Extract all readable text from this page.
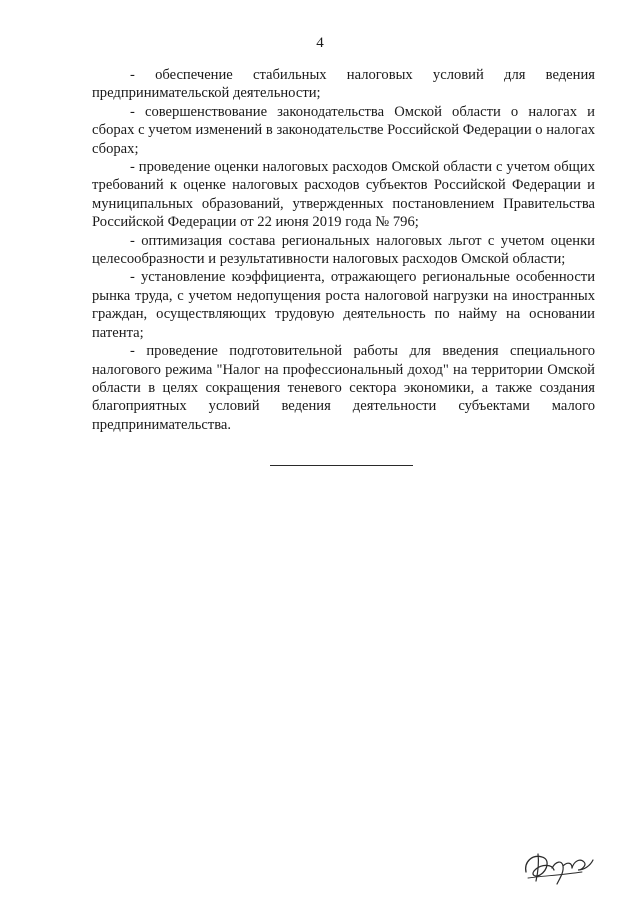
4

- обеспечение стабильных налоговых условий для ведения предпринимательской деятельности;

- совершенствование законодательства Омской области о налогах и сборах с учетом изменений в законодательстве Российской Федерации о налогах сборах;

- проведение оценки налоговых расходов Омской области с учетом общих требований к оценке налоговых расходов субъектов Российской Федерации и муниципальных образований, утвержденных постановлением Правительства Российской Федерации от 22 июня 2019 года № 796;

- оптимизация состава региональных налоговых льгот с учетом оценки целесообразности и результативности налоговых расходов Омской области;

- установление коэффициента, отражающего региональные особенности рынка труда, с учетом недопущения роста налоговой нагрузки на иностранных граждан, осуществляющих трудовую деятельность по найму на основании патента;

- проведение подготовительной работы для введения специального налогового режима "Налог на профессиональный доход" на территории Омской области в целях сокращения теневого сектора экономики, а также создания благоприятных условий ведения деятельности субъектами малого предпринимательства.
